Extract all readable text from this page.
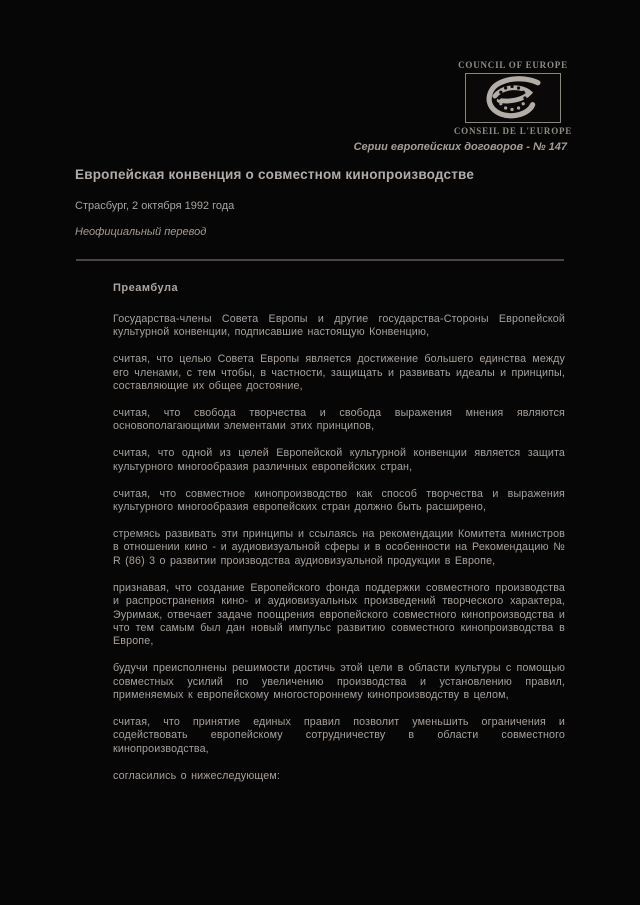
COUNCIL OF EUROPE
CONSEIL DE L'EUROPE
Серии европейских договоров - № 147
Европейская конвенция о совместном кинопроизводстве
Страсбург, 2 октября 1992 года
Неофициальный перевод
Преамбула

Государства-члены Совета Европы и другие государства-Стороны Европейской культурной конвенции, подписавшие настоящую Конвенцию,

считая, что целью Совета Европы является достижение большего единства между его членами, с тем чтобы, в частности, защищать и развивать идеалы и принципы, составляющие их общее достояние,

считая, что свобода творчества и свобода выражения мнения являются основополагающими элементами этих принципов,

считая, что одной из целей Европейской культурной конвенции является защита культурного многообразия различных европейских стран,

считая, что совместное кинопроизводство как способ творчества и выражения культурного многообразия европейских стран должно быть расширено,

стремясь развивать эти принципы и ссылаясь на рекомендации Комитета министров в отношении кино - и аудиовизуальной сферы и в особенности на Рекомендацию № R (86) 3 о развитии производства аудиовизуальной продукции в Европе,

признавая, что создание Европейского фонда поддержки совместного производства и распространения кино- и аудиовизуальных произведений творческого характера, Эуримаж, отвечает задаче поощрения европейского совместного кинопроизводства и что тем самым был дан новый импульс развитию совместного кинопроизводства в Европе,

будучи преисполнены решимости достичь этой цели в области культуры с помощью совместных усилий по увеличению производства и установлению правил, применяемых к европейскому многостороннему кинопроизводству в целом,

считая, что принятие единых правил позволит уменьшить ограничения и содействовать европейскому сотрудничеству в области совместного кинопроизводства,

согласились о нижеследующем:
